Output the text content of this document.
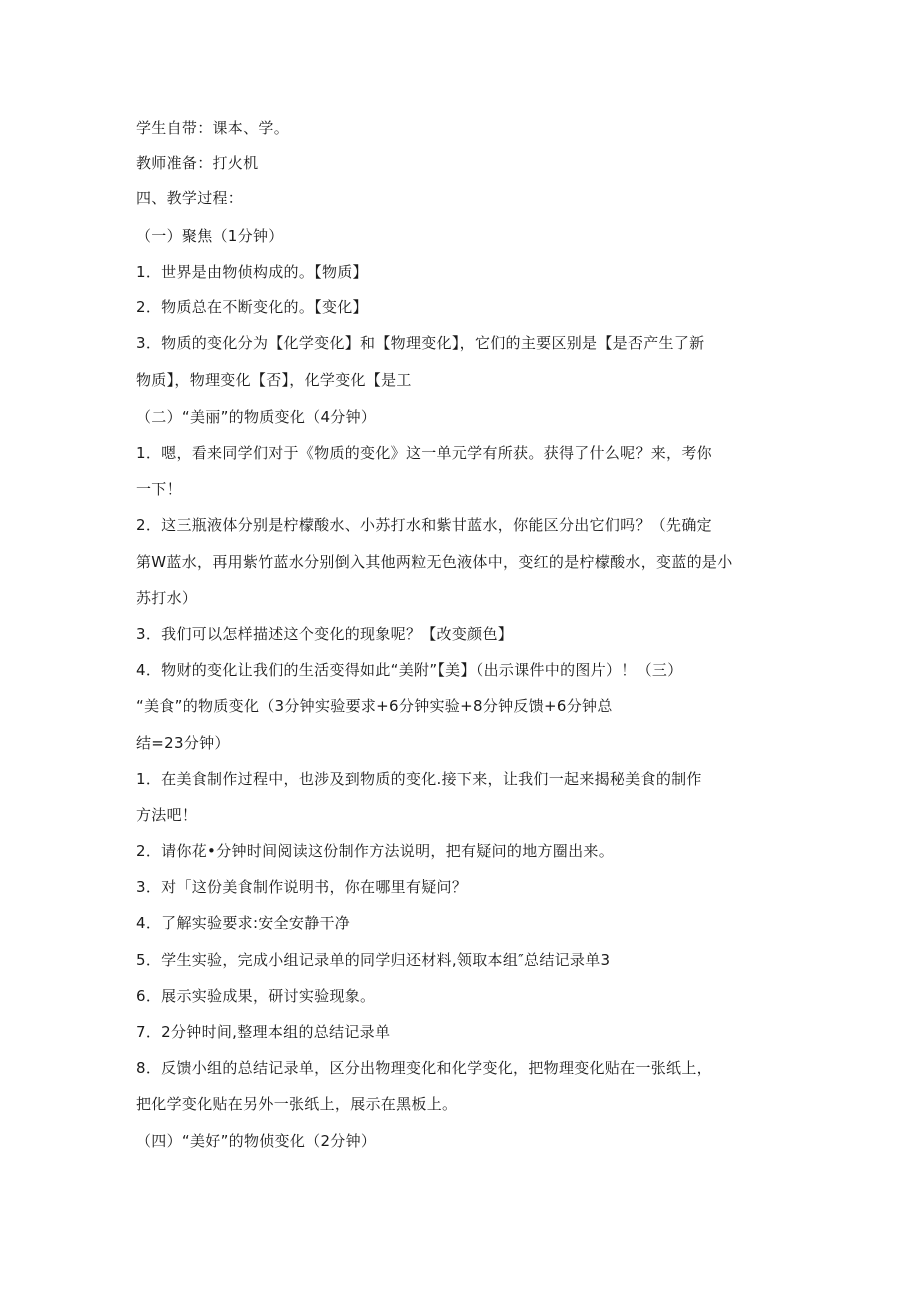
学生自带：课本、学。
教师准备：打火机
四、教学过程：
（一）聚焦（1分钟）
1．世界是由物侦构成的。【物质】
2．物质总在不断变化的。【变化】
3．物质的变化分为【化学变化】和【物理变化】，它们的主要区别是【是否产生了新
物质】，物理变化【否】，化学变化【是工
（二）“美丽”的物质变化（4分钟）
1．嗯，看来同学们对于《物质的变化》这一单元学有所获。获得了什么呢？来，考你
一下！
2．这三瓶液体分别是柠檬酸水、小苏打水和紫甘蓝水，你能区分出它们吗？（先确定
第W蓝水，再用紫竹蓝水分别倒入其他两粒无色液体中，变红的是柠檬酸水，变蓝的是小
苏打水）
3．我们可以怎样描述这个变化的现象呢？【改变颜色】
4．物财的变化让我们的生活变得如此“美附”【美】（出示课件中的图片）！（三）
“美食”的物质变化（3分钟实验要求+6分钟实验+8分钟反馈+6分钟总
结=23分钟）
1．在美食制作过程中，也涉及到物质的变化.接下来，让我们一起来揭秘美食的制作
方法吧！
2．请你花•分钟时间阅读这份制作方法说明，把有疑问的地方圈出来。
3．对「这份美食制作说明书，你在哪里有疑问？
4．了解实验要求:安全安静干净
5．学生实验，完成小组记录单的同学归还材料,领取本组″总结记录单3
6．展示实验成果，研讨实验现象。
7．2分钟时间,整理本组的总结记录单
8．反馈小组的总结记录单，区分出物理变化和化学变化，把物理变化贴在一张纸上，
把化学变化贴在另外一张纸上，展示在黑板上。
（四）“美好”的物侦变化（2分钟）
